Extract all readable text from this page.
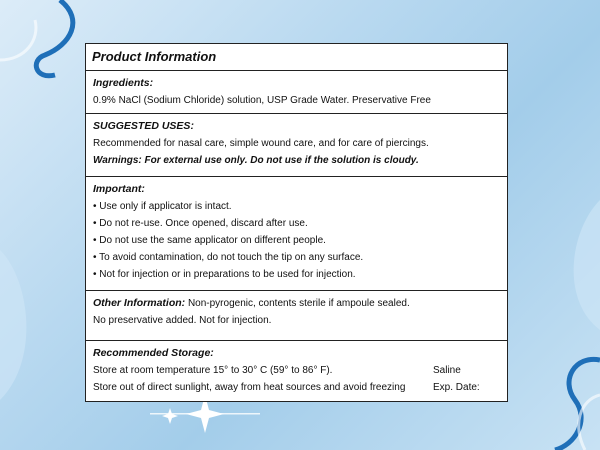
Product Information
Ingredients:
0.9% NaCl (Sodium Chloride) solution, USP Grade Water. Preservative Free
SUGGESTED USES:
Recommended for nasal care, simple wound care, and for care of piercings.
Warnings: For external use only. Do not use if the solution is cloudy.
Important:
• Use only if applicator is intact.
• Do not re-use. Once opened, discard after use.
• Do not use the same applicator on different people.
• To avoid contamination, do not touch the tip on any surface.
• Not for injection or in preparations to be used for injection.
Other Information: Non-pyrogenic, contents sterile if ampoule sealed.
No preservative added. Not for injection.
Recommended Storage:
Store at room temperature 15° to 30° C (59° to 86° F).	Saline
Store out of direct sunlight, away from heat sources and avoid freezing	Exp. Date:
